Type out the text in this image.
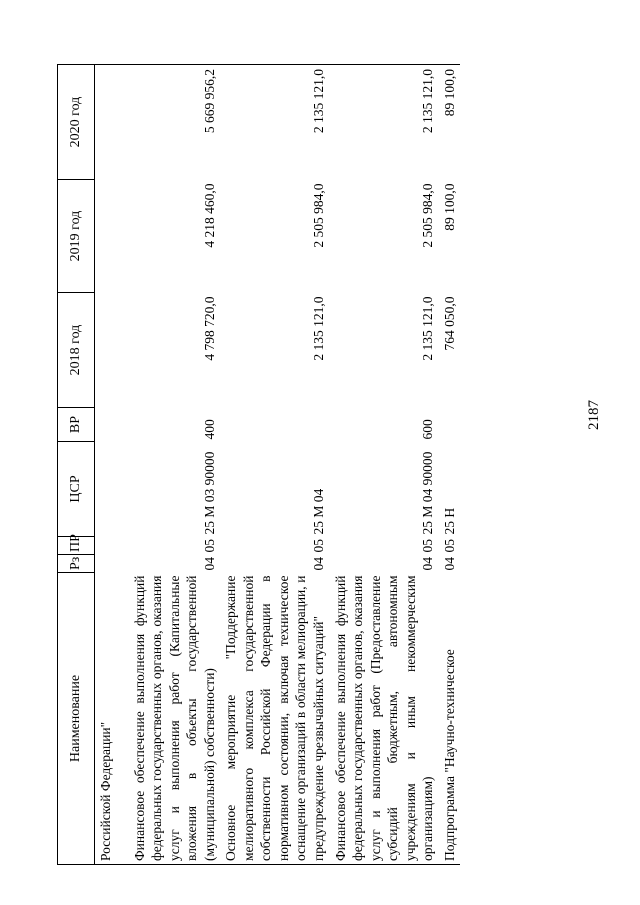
2187
Наименование	Рз	ПР	ЦСР	ВР	2018 год	2019 год	2020 год
Российской Федерации"							
Финансовое обеспечение выполнения функций федеральных государственных органов, оказания услуг и выполнения работ (Капитальные вложения в объекты государственной (муниципальной) собственности)	04	05	25 М 03 90000	400	4 798 720,0	4 218 460,0	5 669 956,2
Основное мероприятие "Поддержание мелиоративного комплекса государственной собственности Российской Федерации в нормативном состоянии, включая техническое оснащение организаций в области мелиорации, и предупреждение чрезвычайных ситуаций"	04	05	25 М 04		2 135 121,0	2 505 984,0	2 135 121,0
Финансовое обеспечение выполнения функций федеральных государственных органов, оказания услуг и выполнения работ (Предоставление субсидий бюджетным, автономным учреждениям и иным некоммерческим организациям)	04	05	25 М 04 90000	600	2 135 121,0	2 505 984,0	2 135 121,0
Подпрограмма "Научно-техническое	04	05	25 Н		764 050,0	89 100,0	89 100,0
